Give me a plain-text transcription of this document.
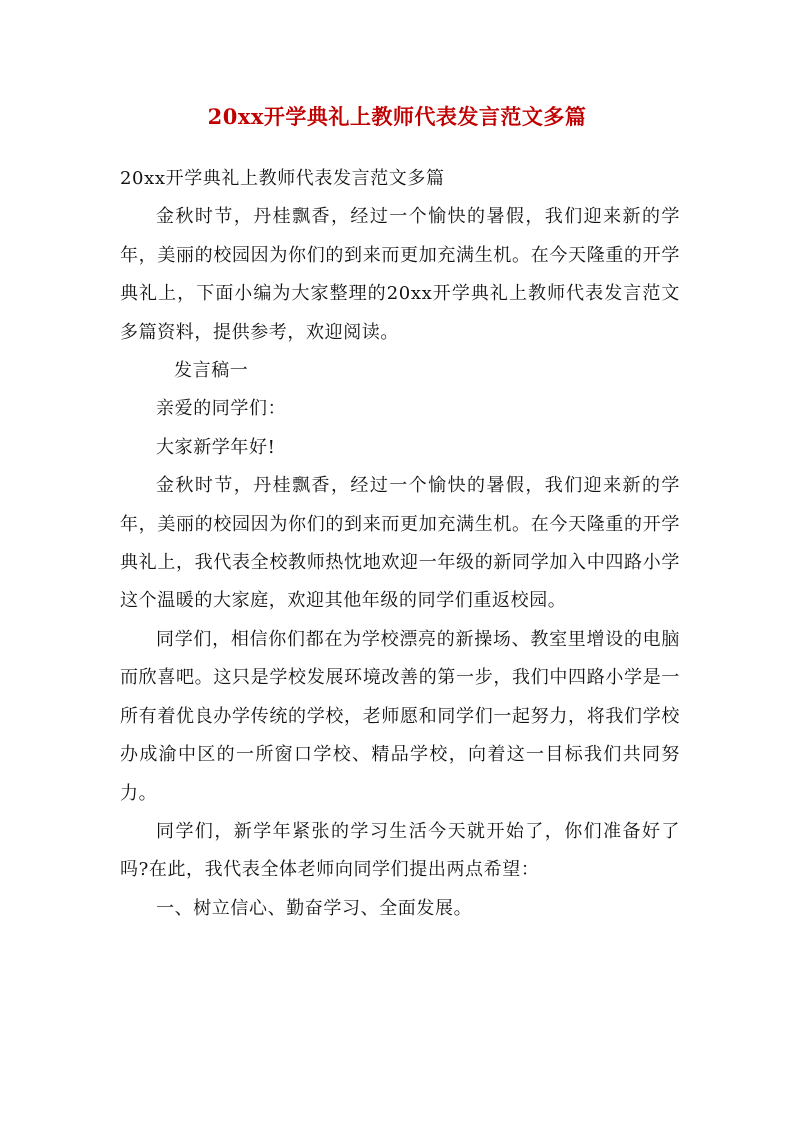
20xx开学典礼上教师代表发言范文多篇

20xx开学典礼上教师代表发言范文多篇

金秋时节，丹桂飘香，经过一个愉快的暑假，我们迎来新的学年，美丽的校园因为你们的到来而更加充满生机。在今天隆重的开学典礼上，下面小编为大家整理的20xx开学典礼上教师代表发言范文多篇资料，提供参考，欢迎阅读。

发言稿一

亲爱的同学们：

大家新学年好!

金秋时节，丹桂飘香，经过一个愉快的暑假，我们迎来新的学年，美丽的校园因为你们的到来而更加充满生机。在今天隆重的开学典礼上，我代表全校教师热忱地欢迎一年级的新同学加入中四路小学这个温暖的大家庭，欢迎其他年级的同学们重返校园。

同学们，相信你们都在为学校漂亮的新操场、教室里增设的电脑而欣喜吧。这只是学校发展环境改善的第一步，我们中四路小学是一所有着优良办学传统的学校，老师愿和同学们一起努力，将我们学校办成渝中区的一所窗口学校、精品学校，向着这一目标我们共同努力。

同学们，新学年紧张的学习生活今天就开始了，你们准备好了吗?在此，我代表全体老师向同学们提出两点希望：

一、树立信心、勤奋学习、全面发展。
